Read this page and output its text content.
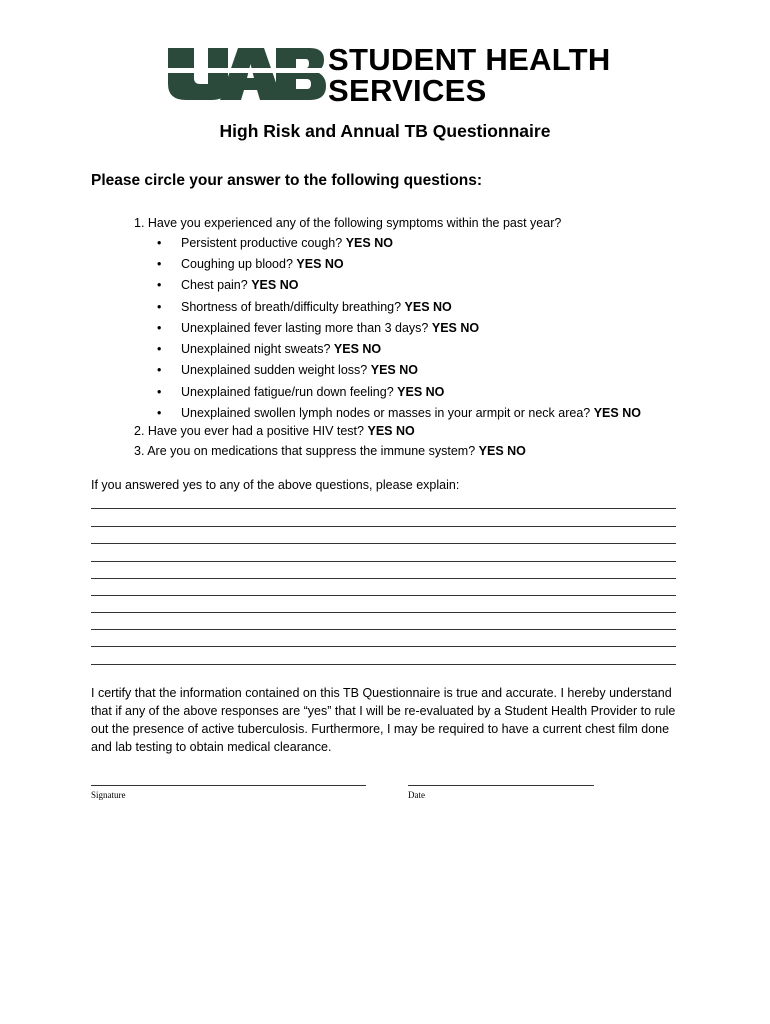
STUDENT HEALTH
SERVICES
High Risk and Annual TB Questionnaire
Please circle your answer to the following questions:
1. Have you experienced any of the following symptoms within the past year?
• Persistent productive cough? YES NO
• Coughing up blood? YES NO
• Chest pain? YES NO
• Shortness of breath/difficulty breathing? YES NO
• Unexplained fever lasting more than 3 days? YES NO
• Unexplained night sweats? YES NO
• Unexplained sudden weight loss? YES NO
• Unexplained fatigue/run down feeling? YES NO
• Unexplained swollen lymph nodes or masses in your armpit or neck area? YES NO
2. Have you ever had a positive HIV test? YES NO
3. Are you on medications that suppress the immune system? YES NO
If you answered yes to any of the above questions, please explain:
I certify that the information contained on this TB Questionnaire is true and accurate. I hereby understand that if any of the above responses are “yes” that I will be re-evaluated by a Student Health Provider to rule out the presence of active tuberculosis. Furthermore, I may be required to have a current chest film done and lab testing to obtain medical clearance.
Signature	Date
